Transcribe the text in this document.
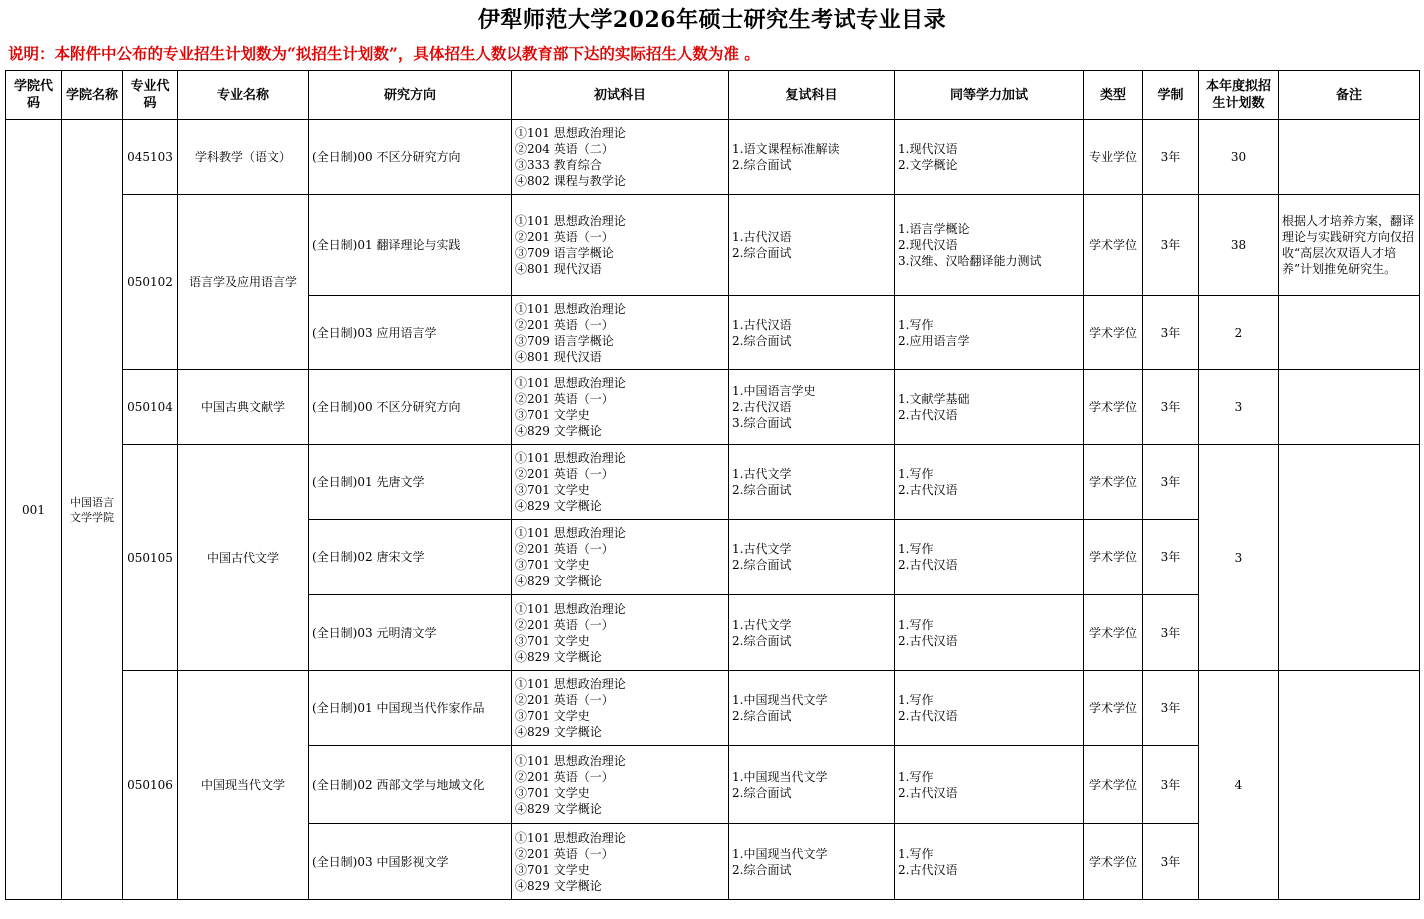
伊犁师范大学2026年硕士研究生考试专业目录
说明：本附件中公布的专业招生计划数为“拟招生计划数”，具体招生人数以教育部下达的实际招生人数为准 。
学院代码	学院名称	专业代码	专业名称	研究方向	初试科目	复试科目	同等学力加试	类型	学制	本年度拟招生计划数	备注
001	中国语言文学学院	045103	学科教学（语文）	(全日制)00 不区分研究方向	①101 思想政治理论
②204 英语（二）
③333 教育综合
④802 课程与教学论	1.语文课程标准解读
2.综合面试	1.现代汉语
2.文学概论	专业学位	3年	30	
		050102	语言学及应用语言学	(全日制)01 翻译理论与实践	①101 思想政治理论
②201 英语（一）
③709 语言学概论
④801 现代汉语	1.古代汉语
2.综合面试	1.语言学概论
2.现代汉语
3.汉维、汉哈翻译能力测试	学术学位	3年	38	根据人才培养方案，翻译理论与实践研究方向仅招收“高层次双语人才培养”计划推免研究生。
				(全日制)03 应用语言学	①101 思想政治理论
②201 英语（一）
③709 语言学概论
④801 现代汉语	1.古代汉语
2.综合面试	1.写作
2.应用语言学	学术学位	3年	2	
		050104	中国古典文献学	(全日制)00 不区分研究方向	①101 思想政治理论
②201 英语（一）
③701 文学史
④829 文学概论	1.中国语言学史
2.古代汉语
3.综合面试	1.文献学基础
2.古代汉语	学术学位	3年	3	
		050105	中国古代文学	(全日制)01 先唐文学	①101 思想政治理论
②201 英语（一）
③701 文学史
④829 文学概论	1.古代文学
2.综合面试	1.写作
2.古代汉语	学术学位	3年	3	
				(全日制)02 唐宋文学	①101 思想政治理论
②201 英语（一）
③701 文学史
④829 文学概论	1.古代文学
2.综合面试	1.写作
2.古代汉语	学术学位	3年		
				(全日制)03 元明清文学	①101 思想政治理论
②201 英语（一）
③701 文学史
④829 文学概论	1.古代文学
2.综合面试	1.写作
2.古代汉语	学术学位	3年		
		050106	中国现当代文学	(全日制)01 中国现当代作家作品	①101 思想政治理论
②201 英语（一）
③701 文学史
④829 文学概论	1.中国现当代文学
2.综合面试	1.写作
2.古代汉语	学术学位	3年	4	
				(全日制)02 西部文学与地域文化	①101 思想政治理论
②201 英语（一）
③701 文学史
④829 文学概论	1.中国现当代文学
2.综合面试	1.写作
2.古代汉语	学术学位	3年		
				(全日制)03 中国影视文学	①101 思想政治理论
②201 英语（一）
③701 文学史
④829 文学概论	1.中国现当代文学
2.综合面试	1.写作
2.古代汉语	学术学位	3年		
